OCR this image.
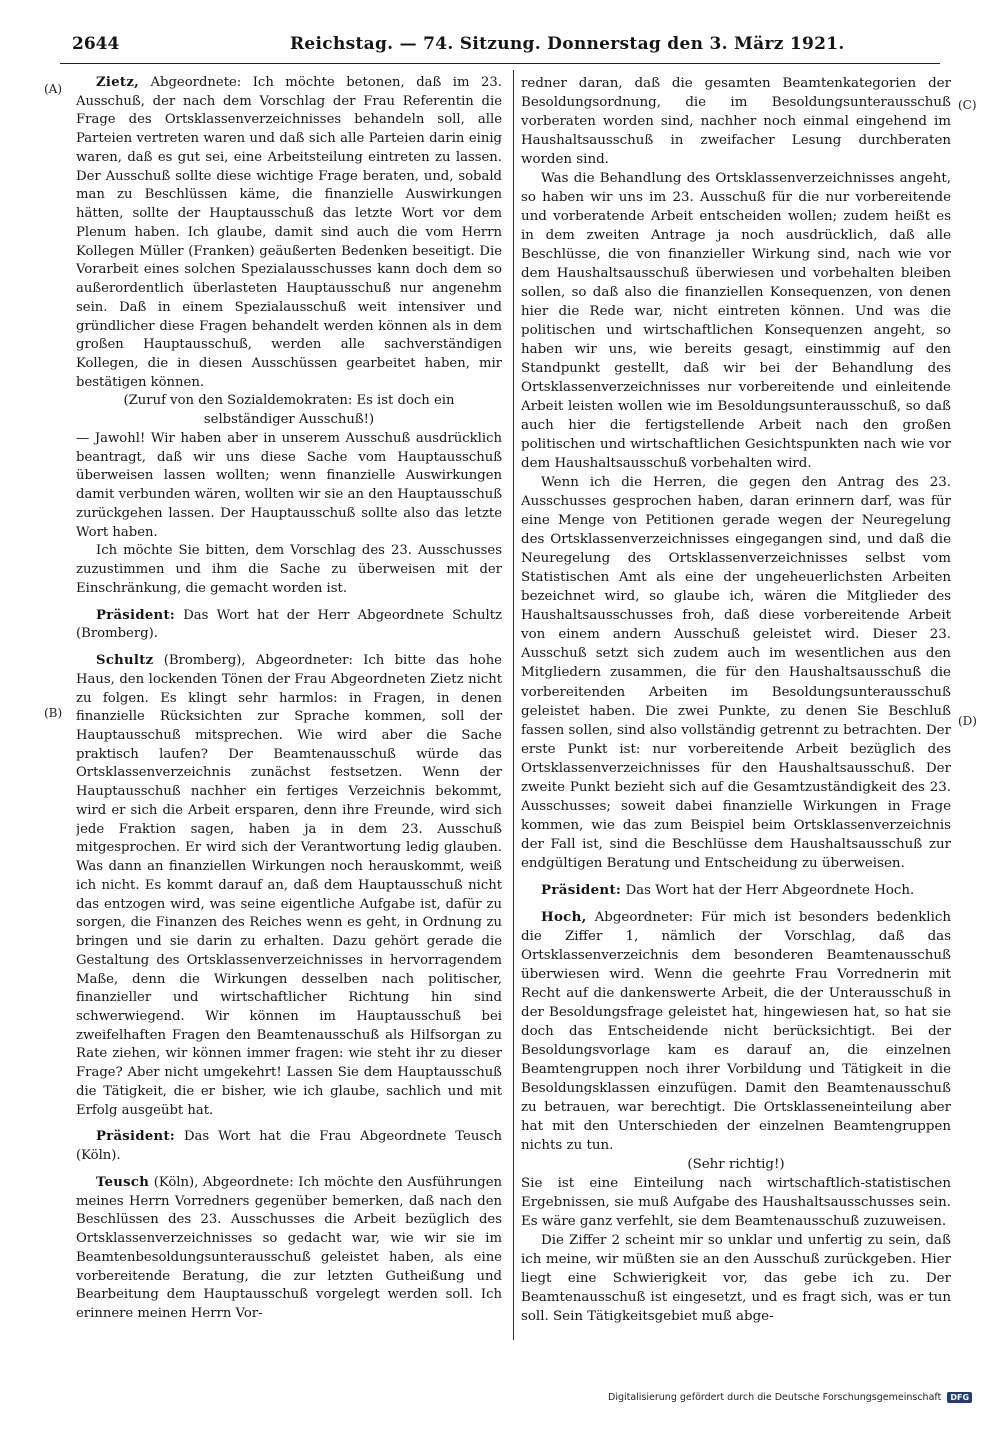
2644	Reichstag. — 74. Sitzung. Donnerstag den 3. März 1921.
(A)
(B)
(C)
(D)

Zietz, Abgeordnete: Ich möchte betonen, daß im 23. Ausschuß, der nach dem Vorschlag der Frau Referentin die Frage des Ortsklassenverzeichnisses behandeln soll, alle Parteien vertreten waren und daß sich alle Parteien darin einig waren, daß es gut sei, eine Arbeitsteilung eintreten zu lassen. Der Ausschuß sollte diese wichtige Frage beraten, und, sobald man zu Beschlüssen käme, die finanzielle Auswirkungen hätten, sollte der Hauptausschuß das letzte Wort vor dem Plenum haben. Ich glaube, damit sind auch die vom Herrn Kollegen Müller (Franken) geäußerten Bedenken beseitigt. Die Vorarbeit eines solchen Spezialausschusses kann doch dem so außerordentlich überlasteten Hauptausschuß nur angenehm sein. Daß in einem Spezialausschuß weit intensiver und gründlicher diese Fragen behandelt werden können als in dem großen Hauptausschuß, werden alle sachverständigen Kollegen, die in diesen Ausschüssen gearbeitet haben, mir bestätigen können.

(Zuruf von den Sozialdemokraten: Es ist doch ein selbständiger Ausschuß!)

— Jawohl! Wir haben aber in unserem Ausschuß ausdrücklich beantragt, daß wir uns diese Sache vom Hauptausschuß überweisen lassen wollten; wenn finanzielle Auswirkungen damit verbunden wären, wollten wir sie an den Hauptausschuß zurückgehen lassen. Der Hauptausschuß sollte also das letzte Wort haben.

Ich möchte Sie bitten, dem Vorschlag des 23. Ausschusses zuzustimmen und ihm die Sache zu überweisen mit der Einschränkung, die gemacht worden ist.

Präsident: Das Wort hat der Herr Abgeordnete Schultz (Bromberg).

Schultz (Bromberg), Abgeordneter: Ich bitte das hohe Haus, den lockenden Tönen der Frau Abgeordneten Zietz nicht zu folgen. Es klingt sehr harmlos: in Fragen, in denen finanzielle Rücksichten zur Sprache kommen, soll der Hauptausschuß mitsprechen. Wie wird aber die Sache praktisch laufen? Der Beamtenausschuß würde das Ortsklassenverzeichnis zunächst festsetzen. Wenn der Hauptausschuß nachher ein fertiges Verzeichnis bekommt, wird er sich die Arbeit ersparen, denn ihre Freunde, wird sich jede Fraktion sagen, haben ja in dem 23. Ausschuß mitgesprochen. Er wird sich der Verantwortung ledig glauben. Was dann an finanziellen Wirkungen noch herauskommt, weiß ich nicht. Es kommt darauf an, daß dem Hauptausschuß nicht das entzogen wird, was seine eigentliche Aufgabe ist, dafür zu sorgen, die Finanzen des Reiches wenn es geht, in Ordnung zu bringen und sie darin zu erhalten. Dazu gehört gerade die Gestaltung des Ortsklassenverzeichnisses in hervorragendem Maße, denn die Wirkungen desselben nach politischer, finanzieller und wirtschaftlicher Richtung hin sind schwerwiegend. Wir können im Hauptausschuß bei zweifelhaften Fragen den Beamtenausschuß als Hilfsorgan zu Rate ziehen, wir können immer fragen: wie steht ihr zu dieser Frage? Aber nicht umgekehrt! Lassen Sie dem Hauptausschuß die Tätigkeit, die er bisher, wie ich glaube, sachlich und mit Erfolg ausgeübt hat.

Präsident: Das Wort hat die Frau Abgeordnete Teusch (Köln).

Teusch (Köln), Abgeordnete: Ich möchte den Ausführungen meines Herrn Vorredners gegenüber bemerken, daß nach den Beschlüssen des 23. Ausschusses die Arbeit bezüglich des Ortsklassenverzeichnisses so gedacht war, wie wir sie im Beamtenbesoldungsunterausschuß geleistet haben, als eine vorbereitende Beratung, die zur letzten Gutheißung und Bearbeitung dem Hauptausschuß vorgelegt werden soll. Ich erinnere meinen Herrn Vor-

redner daran, daß die gesamten Beamtenkategorien der Besoldungsordnung, die im Besoldungsunterausschuß vorberaten worden sind, nachher noch einmal eingehend im Haushaltsausschuß in zweifacher Lesung durchberaten worden sind.

Was die Behandlung des Ortsklassenverzeichnisses angeht, so haben wir uns im 23. Ausschuß für die nur vorbereitende und vorberatende Arbeit entscheiden wollen; zudem heißt es in dem zweiten Antrage ja noch ausdrücklich, daß alle Beschlüsse, die von finanzieller Wirkung sind, nach wie vor dem Haushaltsausschuß überwiesen und vorbehalten bleiben sollen, so daß also die finanziellen Konsequenzen, von denen hier die Rede war, nicht eintreten können. Und was die politischen und wirtschaftlichen Konsequenzen angeht, so haben wir uns, wie bereits gesagt, einstimmig auf den Standpunkt gestellt, daß wir bei der Behandlung des Ortsklassenverzeichnisses nur vorbereitende und einleitende Arbeit leisten wollen wie im Besoldungsunterausschuß, so daß auch hier die fertigstellende Arbeit nach den großen politischen und wirtschaftlichen Gesichtspunkten nach wie vor dem Haushaltsausschuß vorbehalten wird.

Wenn ich die Herren, die gegen den Antrag des 23. Ausschusses gesprochen haben, daran erinnern darf, was für eine Menge von Petitionen gerade wegen der Neuregelung des Ortsklassenverzeichnisses eingegangen sind, und daß die Neuregelung des Ortsklassenverzeichnisses selbst vom Statistischen Amt als eine der ungeheuerlichsten Arbeiten bezeichnet wird, so glaube ich, wären die Mitglieder des Haushaltsausschusses froh, daß diese vorbereitende Arbeit von einem andern Ausschuß geleistet wird. Dieser 23. Ausschuß setzt sich zudem auch im wesentlichen aus den Mitgliedern zusammen, die für den Haushaltsausschuß die vorbereitenden Arbeiten im Besoldungsunterausschuß geleistet haben. Die zwei Punkte, zu denen Sie Beschluß fassen sollen, sind also vollständig getrennt zu betrachten. Der erste Punkt ist: nur vorbereitende Arbeit bezüglich des Ortsklassenverzeichnisses für den Haushaltsausschuß. Der zweite Punkt bezieht sich auf die Gesamtzuständigkeit des 23. Ausschusses; soweit dabei finanzielle Wirkungen in Frage kommen, wie das zum Beispiel beim Ortsklassenverzeichnis der Fall ist, sind die Beschlüsse dem Haushaltsausschuß zur endgültigen Beratung und Entscheidung zu überweisen.

Präsident: Das Wort hat der Herr Abgeordnete Hoch.

Hoch, Abgeordneter: Für mich ist besonders bedenklich die Ziffer 1, nämlich der Vorschlag, daß das Ortsklassenverzeichnis dem besonderen Beamtenausschuß überwiesen wird. Wenn die geehrte Frau Vorrednerin mit Recht auf die dankenswerte Arbeit, die der Unterausschuß in der Besoldungsfrage geleistet hat, hingewiesen hat, so hat sie doch das Entscheidende nicht berücksichtigt. Bei der Besoldungsvorlage kam es darauf an, die einzelnen Beamtengruppen noch ihrer Vorbildung und Tätigkeit in die Besoldungsklassen einzufügen. Damit den Beamtenausschuß zu betrauen, war berechtigt. Die Ortsklasseneinteilung aber hat mit den Unterschieden der einzelnen Beamtengruppen nichts zu tun.

(Sehr richtig!)

Sie ist eine Einteilung nach wirtschaftlich-statistischen Ergebnissen, sie muß Aufgabe des Haushaltsausschusses sein. Es wäre ganz verfehlt, sie dem Beamtenausschuß zuzuweisen.

Die Ziffer 2 scheint mir so unklar und unfertig zu sein, daß ich meine, wir müßten sie an den Ausschuß zurückgeben. Hier liegt eine Schwierigkeit vor, das gebe ich zu. Der Beamtenausschuß ist eingesetzt, und es fragt sich, was er tun soll. Sein Tätigkeitsgebiet muß abge-

Digitalisierung gefördert durch die Deutsche Forschungsgemeinschaft DFG
